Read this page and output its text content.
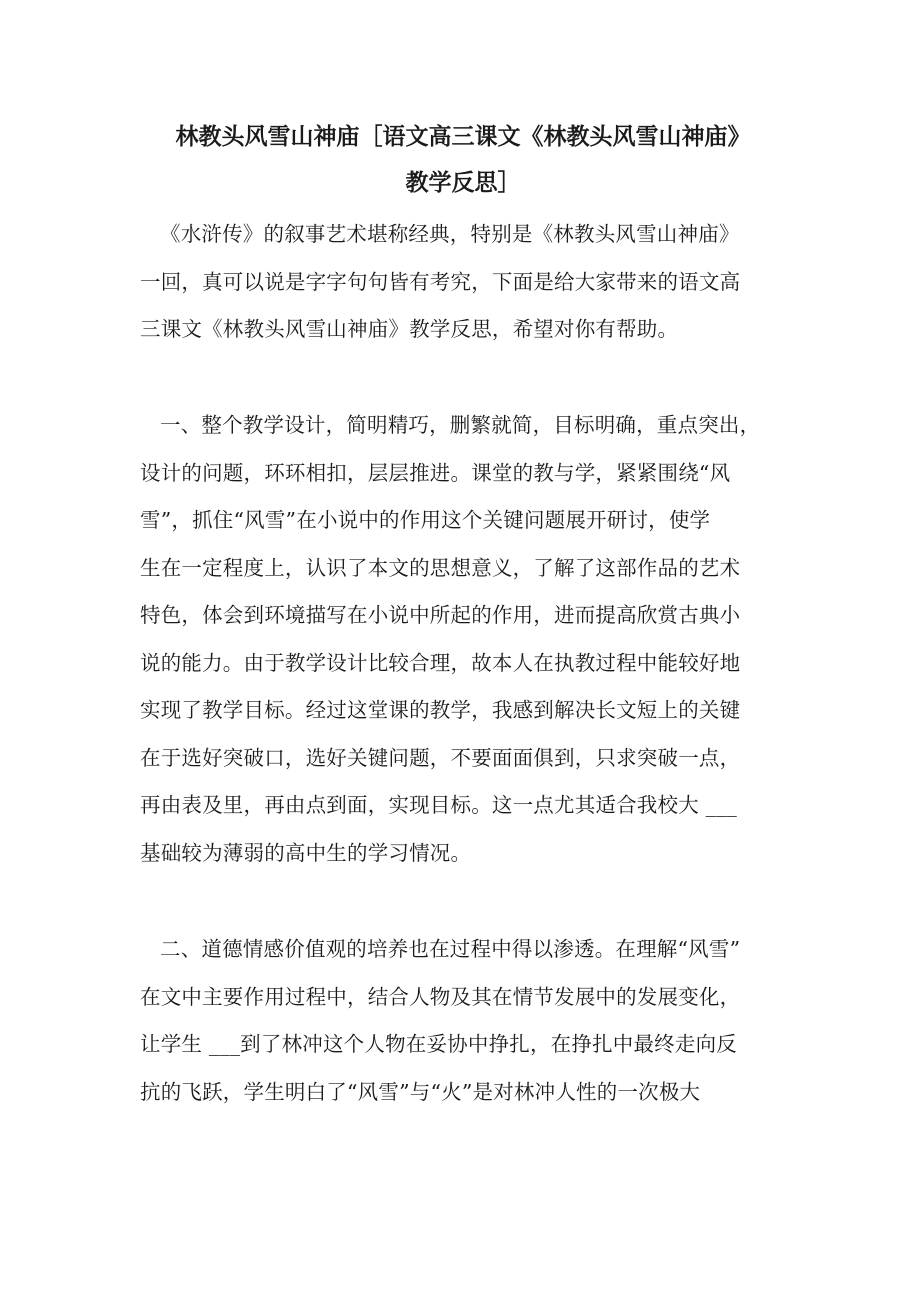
林教头风雪山神庙［语文高三课文《林教头风雪山神庙》
教学反思］

《水浒传》的叙事艺术堪称经典，特别是《林教头风雪山神庙》
一回，真可以说是字字句句皆有考究，下面是给大家带来的语文高
三课文《林教头风雪山神庙》教学反思，希望对你有帮助。

一、整个教学设计，简明精巧，删繁就简，目标明确，重点突出，
设计的问题，环环相扣，层层推进。课堂的教与学，紧紧围绕“风
雪”，抓住“风雪”在小说中的作用这个关键问题展开研讨，使学
生在一定程度上，认识了本文的思想意义，了解了这部作品的艺术
特色，体会到环境描写在小说中所起的作用，进而提高欣赏古典小
说的能力。由于教学设计比较合理，故本人在执教过程中能较好地
实现了教学目标。经过这堂课的教学，我感到解决长文短上的关键
在于选好突破口，选好关键问题，不要面面俱到，只求突破一点，
再由表及里，再由点到面，实现目标。这一点尤其适合我校大 ___
基础较为薄弱的高中生的学习情况。

二、道德情感价值观的培养也在过程中得以渗透。在理解“风雪”
在文中主要作用过程中，结合人物及其在情节发展中的发展变化，
让学生 ___到了林冲这个人物在妥协中挣扎，在挣扎中最终走向反
抗的飞跃，学生明白了“风雪”与“火”是对林冲人性的一次极大
